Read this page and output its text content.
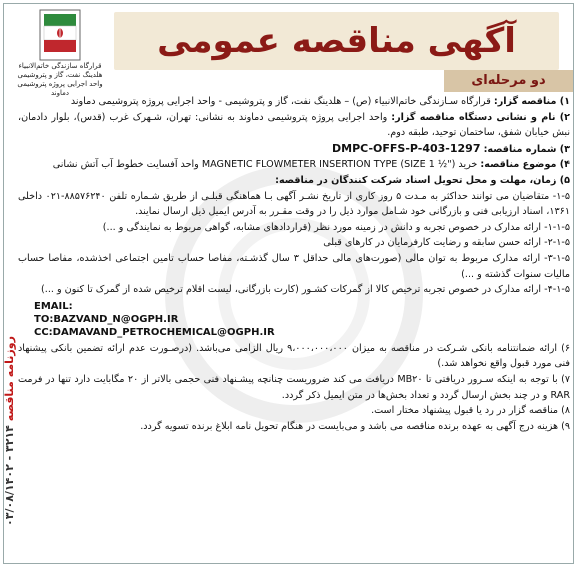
قرارگاه سازندگی خاتم‌الانبیاء
هلدینگ نفت، گاز و پتروشیمی
واحد اجرایی پروژه پتروشیمی دماوند
آگهی مناقصه عمومی
دو مرحله‌ای
۰۳/۰۸/۱۴۰۲ - ۳۲۱۴ روزنامه مناقصه

۱) مناقصه گزار: قرارگاه سـازندگی خاتم‌الانبیاء (ص) – هلدینگ نفت، گاز و پتروشیمی - واحد اجرایی پروژه پتروشیمی دماوند

۲) نام و نشانی دستگاه مناقصه گزار: واحد اجرایی پروژه پتروشیمی دماوند به نشانی: تهران، شـهرک غرب (قدس)، بلوار دادمان، نبش خیابان شفق، ساختمان توحید، طبقه دوم.

۳) شماره مناقصه: DMPC-OFFS-P-403-1297

۴) موضوع مناقصه: خرید ("½ 1 SIZE) MAGNETIC FLOWMETER INSERTION TYPE واحد آفسایت خطوط آب آتش نشانی

۵) زمان، مهلت و محل تحویل اسناد شرکت کنندگان در مناقصه:

۱-۵- متقاضیان می توانند حداکثر به مـدت ۵ روز کاری از تاریخ نشـر آگهی بـا هماهنگی قبلـی از طریق شـماره تلفن ۸۸۵۷۶۲۴۰-۰۲۱ داخلی ۱۳۶۱، اسناد ارزیابی فنی و بازرگانی خود شـامل موارد ذیل را در وقت مقـرر به آدرس ایمیل ذیل ارسال نمایند.

۱-۱-۵- ارائه مدارک در خصوص تجربه و دانش در زمینه مورد نظر (قراردادهای مشابه، گواهی مربوط به نمایندگی و ...)

۲-۱-۵- ارائه حسن سابقه و رضایت کارفرمایان در کارهای قبلی

۳-۱-۵- ارائه مدارک مربوط به توان مالی (صورت‌های مالی حداقل ۳ سال گذشـته، مفاصا حساب تامین اجتماعی اخذشده، مفاصا حساب مالیات سنوات گذشته و ...)

۴-۱-۵- ارائه مدارک در خصوص تجربه ترخیص کالا از گمرکات کشـور (کارت بازرگانی، لیست اقلام ترخیص شده از گمرک تا کنون و ...)

EMAIL:
TO:BAZVAND_N@OGPH.IR
CC:DAMAVAND_PETROCHEMICAL@OGPH.IR

۶) ارائه ضمانتنامه بانکی شـرکت در مناقصه به میزان ۹،۰۰۰،۰۰۰،۰۰۰ ریال الزامی می‌باشد. (درصـورت عدم ارائه تضمین بانکی پیشنهاد فنی مورد قبول واقع نخواهد شد.)

۷) با توجه به اینکه سـرور دریافتی تا MB۲۰ دریافت می کند ضروریست چنانچه پیشـنهاد فنی حجمی بالاتر از ۲۰ مگابایت دارد تنها در فرمت RAR و در چند بخش ارسال گردد و تعداد بخش‌ها در متن ایمیل ذکر گردد.

۸) مناقصه گزار در رد یا قبول پیشنهاد مختار است.

۹) هزینه درج آگهی به عهده برنده مناقصه می باشد و می‌بایست در هنگام تحویل نامه ابلاغ برنده تسویه گردد.
